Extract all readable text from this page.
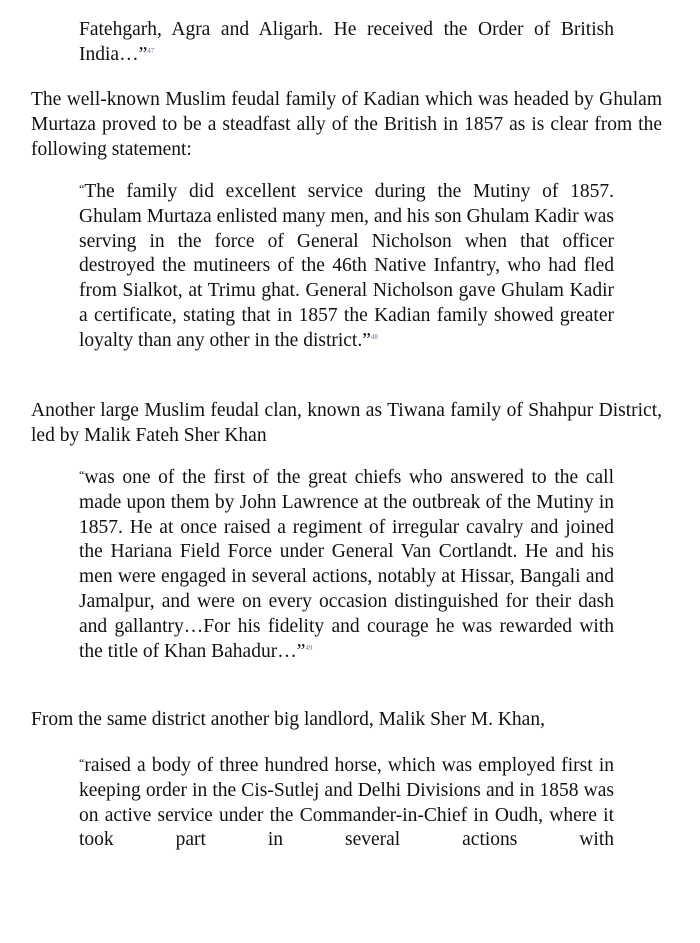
Fatehgarh, Agra and Aligarh. He received the Order of British India…”$^{47}$

The well-known Muslim feudal family of Kadian which was headed by Ghulam Murtaza proved to be a steadfast ally of the British in 1857 as is clear from the following statement:

“The family did excellent service during the Mutiny of 1857. Ghulam Murtaza enlisted many men, and his son Ghulam Kadir was serving in the force of General Nicholson when that officer destroyed the mutineers of the 46th Native Infantry, who had fled from Sialkot, at Trimu ghat. General Nicholson gave Ghulam Kadir a certificate, stating that in 1857 the Kadian family showed greater loyalty than any other in the district.”$^{48}$

Another large Muslim feudal clan, known as Tiwana family of Shahpur District, led by Malik Fateh Sher Khan

“was one of the first of the great chiefs who answered to the call made upon them by John Lawrence at the outbreak of the Mutiny in 1857. He at once raised a regiment of irregular cavalry and joined the Hariana Field Force under General Van Cortlandt. He and his men were engaged in several actions, notably at Hissar, Bangali and Jamalpur, and were on every occasion distinguished for their dash and gallantry…For his fidelity and courage he was rewarded with the title of Khan Bahadur…”$^{49}$

From the same district another big landlord, Malik Sher M. Khan,

“raised a body of three hundred horse, which was employed first in keeping order in the Cis-Sutlej and Delhi Divisions and in 1858 was on active service under the Commander-in-Chief in Oudh, where it took part in several actions with
